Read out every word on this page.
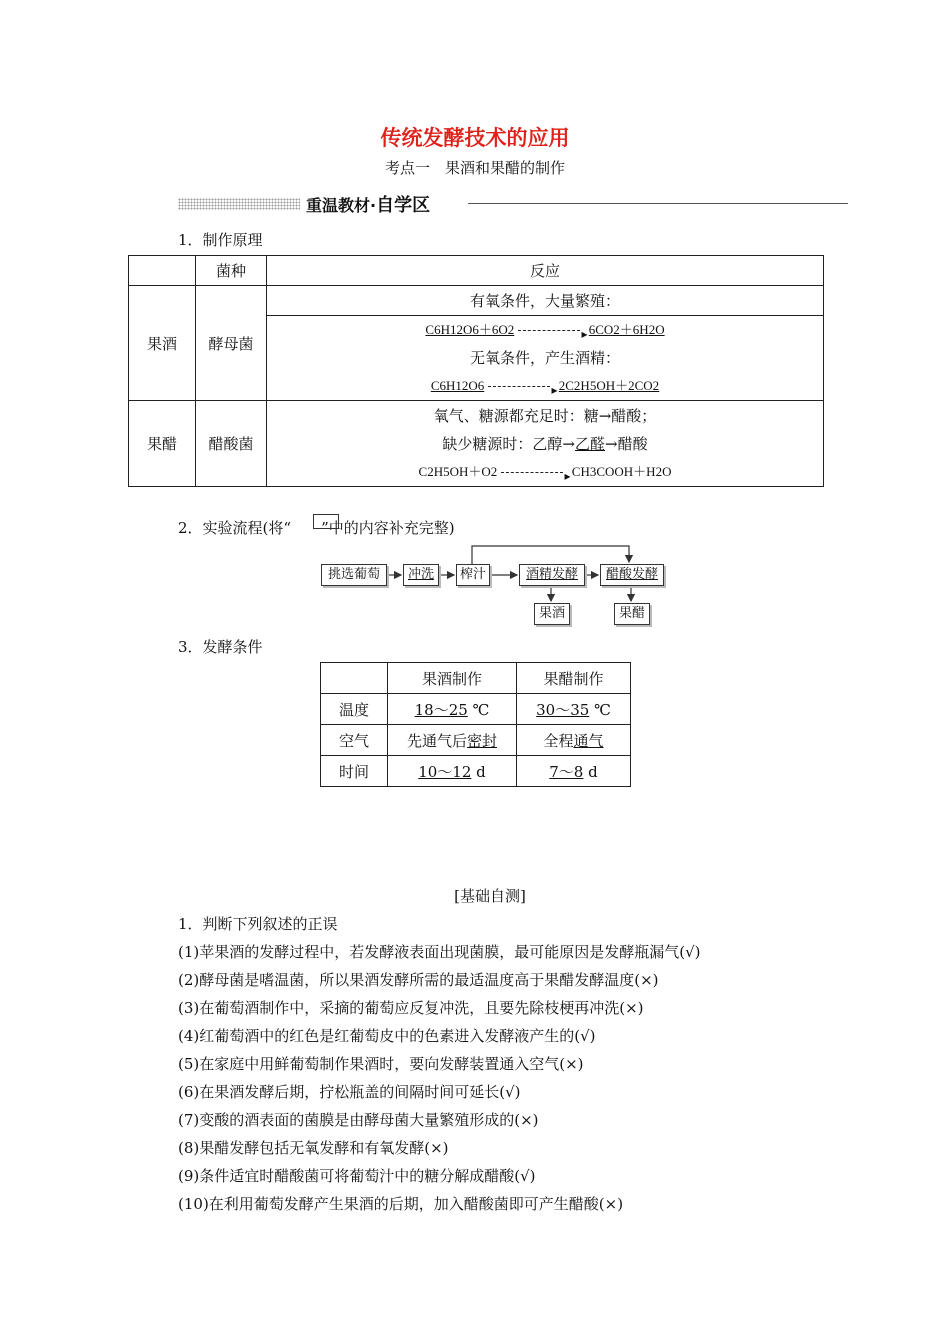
传统发酵技术的应用
考点一　果酒和果醋的制作
重温教材·自学区
1．制作原理
	菌种	反应
果酒	酵母菌	有氧条件，大量繁殖：

		C6H12O6＋6O2 ▸ 6CO2＋6H2O
无氧条件，产生酒精：
C6H12O6 ▸ 2C2H5OH＋2CO2

果醋	醋酸菌	氧气、糖源都充足时：糖→醋酸；
缺少糖源时：乙醇→乙醛→醋酸
C2H5OH＋O2 ▸ CH3COOH＋H2O
2．实验流程(将“　　”中的内容补充完整)
挑选葡萄	冲洗	榨汁	酒精发酵	醋酸发酵
果酒	果醋
3．发酵条件
	果酒制作	果醋制作
温度	18～25 ℃	30～35 ℃
空气	先通气后密封	全程通气
时间	10～12 d	7～8 d
[基础自测]
1．判断下列叙述的正误
(1)苹果酒的发酵过程中，若发酵液表面出现菌膜，最可能原因是发酵瓶漏气(√)
(2)酵母菌是嗜温菌，所以果酒发酵所需的最适温度高于果醋发酵温度(×)
(3)在葡萄酒制作中，采摘的葡萄应反复冲洗，且要先除枝梗再冲洗(×)
(4)红葡萄酒中的红色是红葡萄皮中的色素进入发酵液产生的(√)
(5)在家庭中用鲜葡萄制作果酒时，要向发酵装置通入空气(×)
(6)在果酒发酵后期，拧松瓶盖的间隔时间可延长(√)
(7)变酸的酒表面的菌膜是由酵母菌大量繁殖形成的(×)
(8)果醋发酵包括无氧发酵和有氧发酵(×)
(9)条件适宜时醋酸菌可将葡萄汁中的糖分解成醋酸(√)
(10)在利用葡萄发酵产生果酒的后期，加入醋酸菌即可产生醋酸(×)
